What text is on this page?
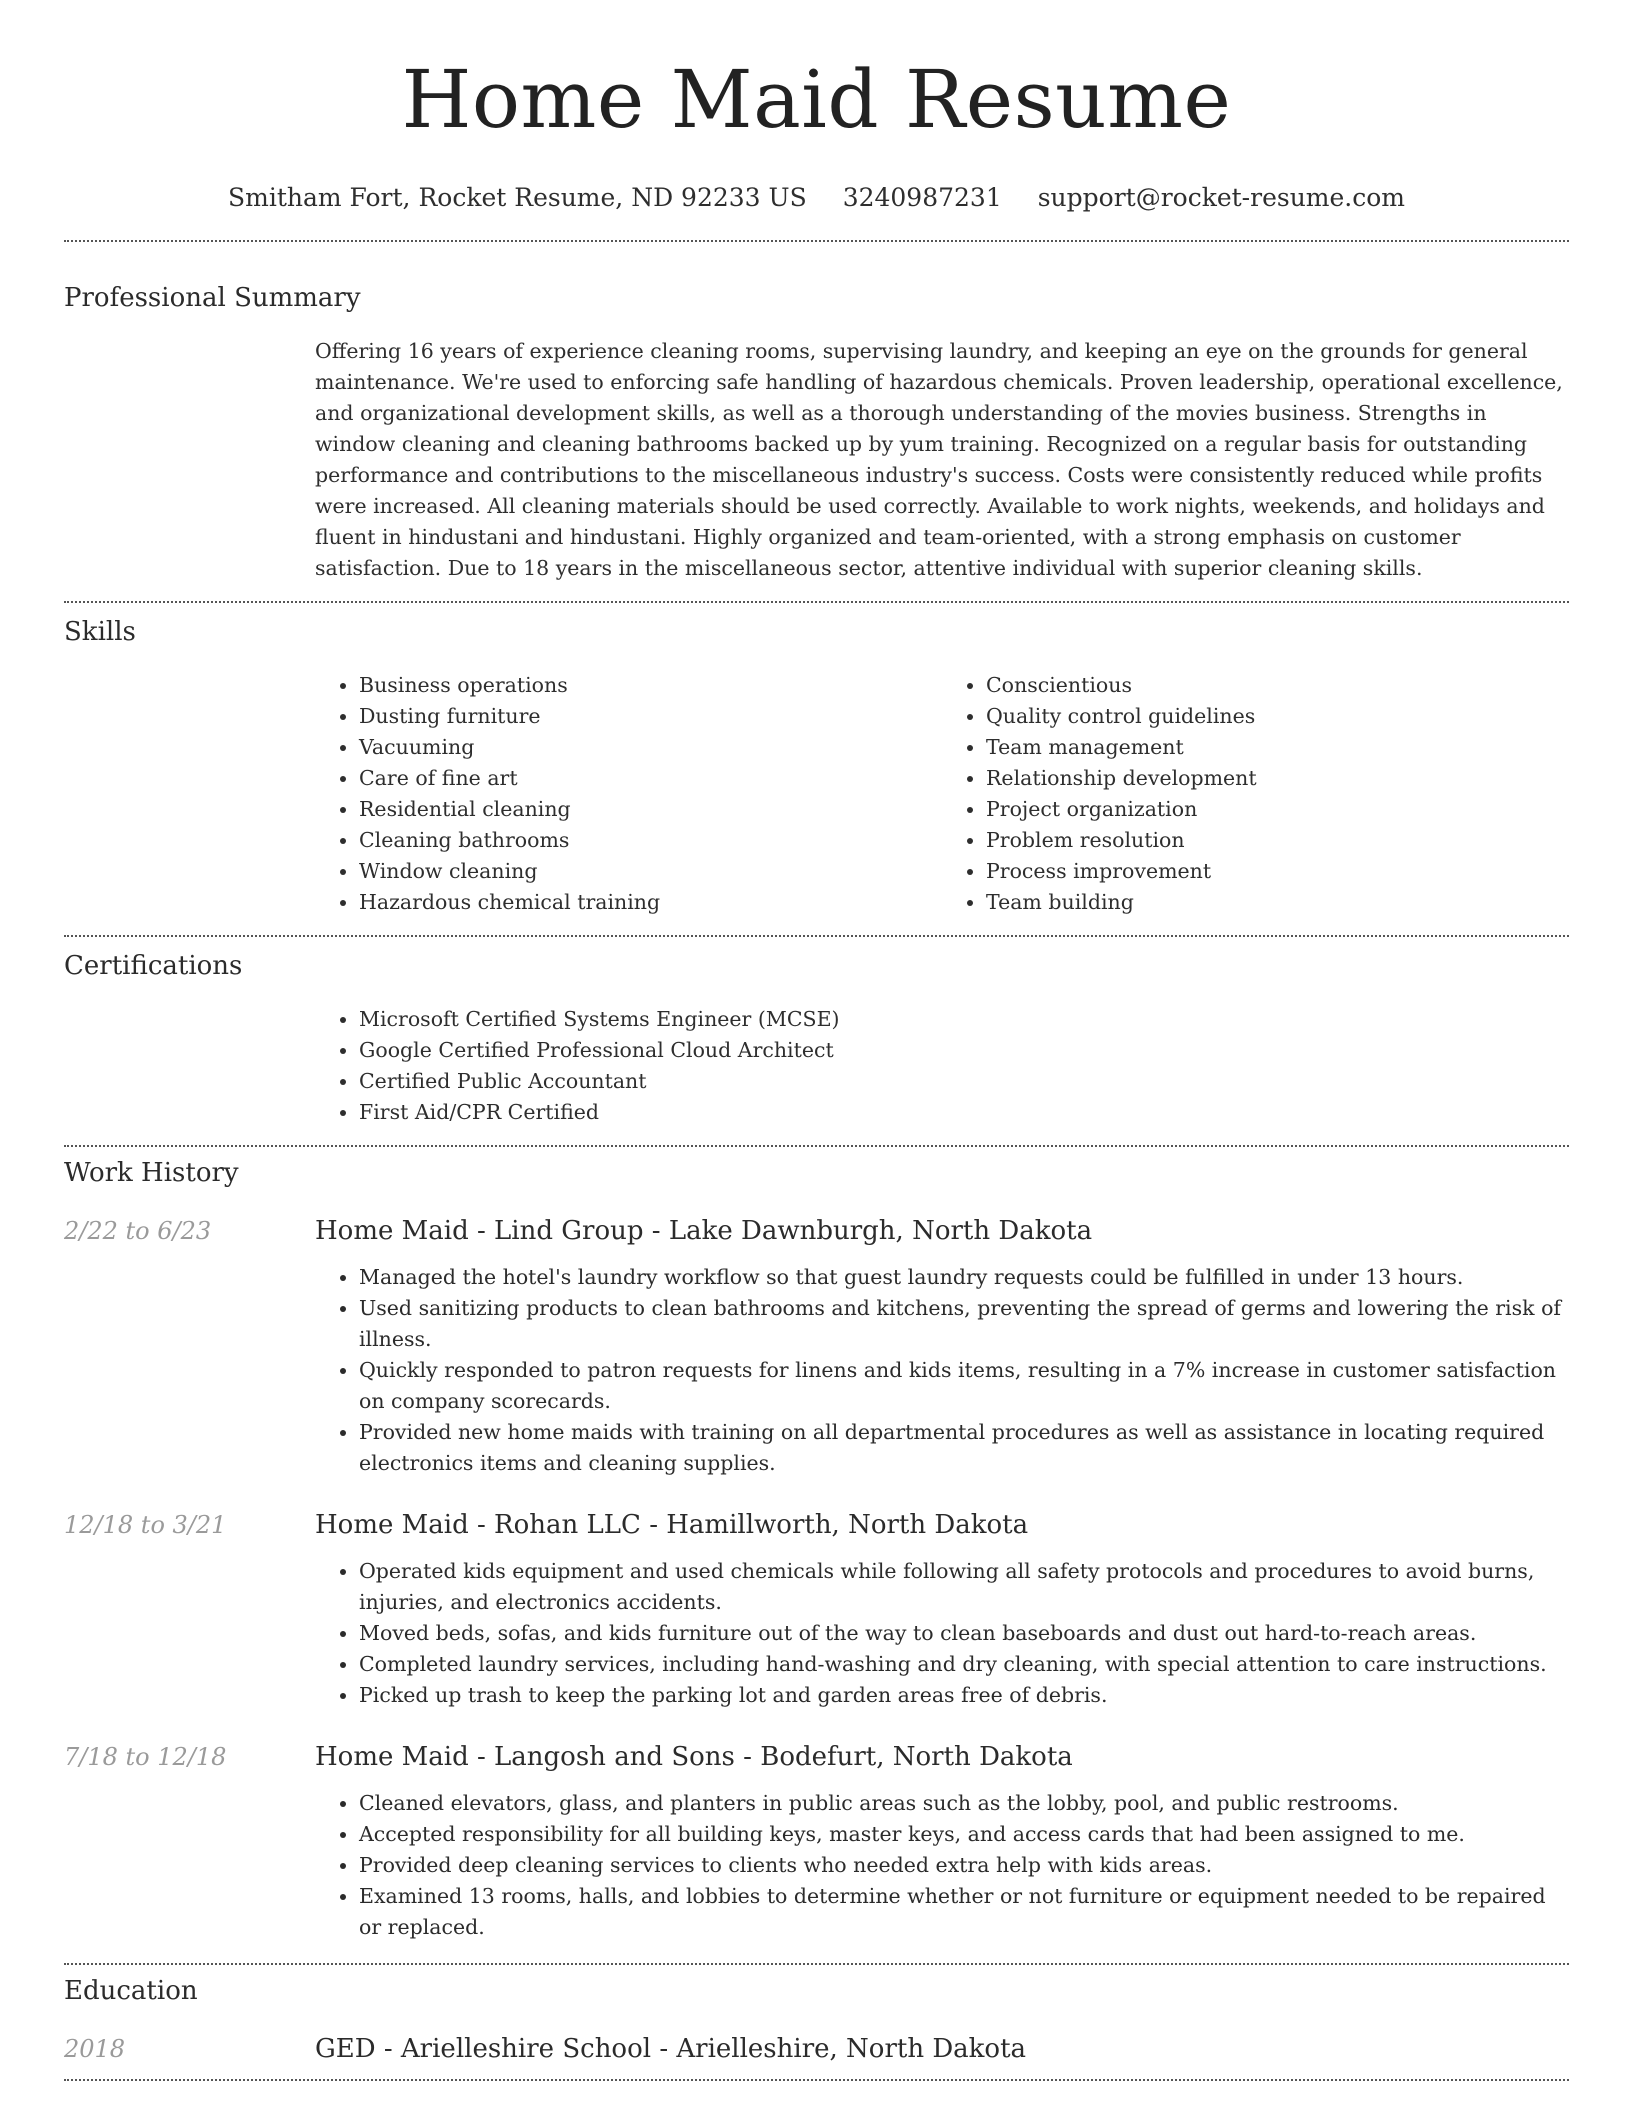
Home Maid Resume
Smitham Fort, Rocket Resume, ND 92233 US 3240987231 support@rocket-resume.com
Professional Summary

Offering 16 years of experience cleaning rooms, supervising laundry, and keeping an eye on the grounds for general maintenance. We're used to enforcing safe handling of hazardous chemicals. Proven leadership, operational excellence, and organizational development skills, as well as a thorough understanding of the movies business. Strengths in window cleaning and cleaning bathrooms backed up by yum training. Recognized on a regular basis for outstanding performance and contributions to the miscellaneous industry's success. Costs were consistently reduced while profits were increased. All cleaning materials should be used correctly. Available to work nights, weekends, and holidays and fluent in hindustani and hindustani. Highly organized and team-oriented, with a strong emphasis on customer satisfaction. Due to 18 years in the miscellaneous sector, attentive individual with superior cleaning skills.

Skills
• Business operations
• Dusting furniture
• Vacuuming
• Care of fine art
• Residential cleaning
• Cleaning bathrooms
• Window cleaning
• Hazardous chemical training
• Conscientious
• Quality control guidelines
• Team management
• Relationship development
• Project organization
• Problem resolution
• Process improvement
• Team building
Certifications
• Microsoft Certified Systems Engineer (MCSE)
• Google Certified Professional Cloud Architect
• Certified Public Accountant
• First Aid/CPR Certified
Work History
2/22 to 6/23	Home Maid - Lind Group - Lake Dawnburgh, North Dakota
• Managed the hotel's laundry workflow so that guest laundry requests could be fulfilled in under 13 hours.
• Used sanitizing products to clean bathrooms and kitchens, preventing the spread of germs and lowering the risk of illness.
• Quickly responded to patron requests for linens and kids items, resulting in a 7% increase in customer satisfaction on company scorecards.
• Provided new home maids with training on all departmental procedures as well as assistance in locating required electronics items and cleaning supplies.
12/18 to 3/21	Home Maid - Rohan LLC - Hamillworth, North Dakota
• Operated kids equipment and used chemicals while following all safety protocols and procedures to avoid burns, injuries, and electronics accidents.
• Moved beds, sofas, and kids furniture out of the way to clean baseboards and dust out hard-to-reach areas.
• Completed laundry services, including hand-washing and dry cleaning, with special attention to care instructions.
• Picked up trash to keep the parking lot and garden areas free of debris.
7/18 to 12/18	Home Maid - Langosh and Sons - Bodefurt, North Dakota
• Cleaned elevators, glass, and planters in public areas such as the lobby, pool, and public restrooms.
• Accepted responsibility for all building keys, master keys, and access cards that had been assigned to me.
• Provided deep cleaning services to clients who needed extra help with kids areas.
• Examined 13 rooms, halls, and lobbies to determine whether or not furniture or equipment needed to be repaired or replaced.
Education
2018	GED - Arielleshire School - Arielleshire, North Dakota
